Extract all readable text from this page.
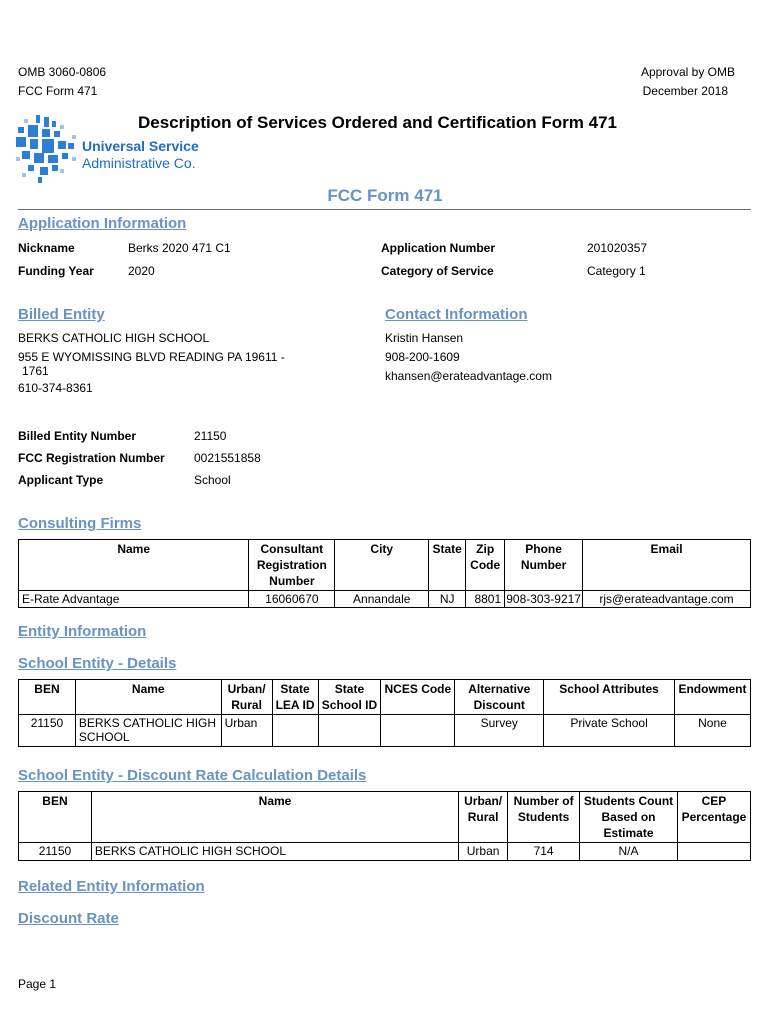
OMB 3060-0806
FCC Form 471
Approval by OMB
December 2018
Description of Services Ordered and Certification Form 471
Universal Service
Administrative Co.
FCC Form 471
Application Information
Nickname	Berks 2020 471 C1	Application Number	201020357
Funding Year	2020	Category of Service	Category 1
Billed Entity
BERKS CATHOLIC HIGH SCHOOL
955 E WYOMISSING BLVD READING PA 19611 -
1761
610-374-8361
Contact Information
Kristin Hansen
908-200-1609
khansen@erateadvantage.com
Billed Entity Number	21150
FCC Registration Number 0021551858
Applicant Type	School
Consulting Firms
Name	Consultant Registration Number	City	State	Zip Code	Phone Number	Email
E-Rate Advantage	16060670	Annandale	NJ	8801	908-303-9217	rjs@erateadvantage.com
Entity Information
School Entity - Details
BEN	Name	Urban/ Rural	State LEA ID	State School ID	NCES Code	Alternative Discount	School Attributes	Endowment
21150	BERKS CATHOLIC HIGH SCHOOL	Urban				Survey	Private School	None
School Entity - Discount Rate Calculation Details
BEN	Name	Urban/ Rural	Number of Students	Students Count Based on Estimate	CEP Percentage
21150	BERKS CATHOLIC HIGH SCHOOL	Urban	714	N/A	
Related Entity Information
Discount Rate
Page 1
